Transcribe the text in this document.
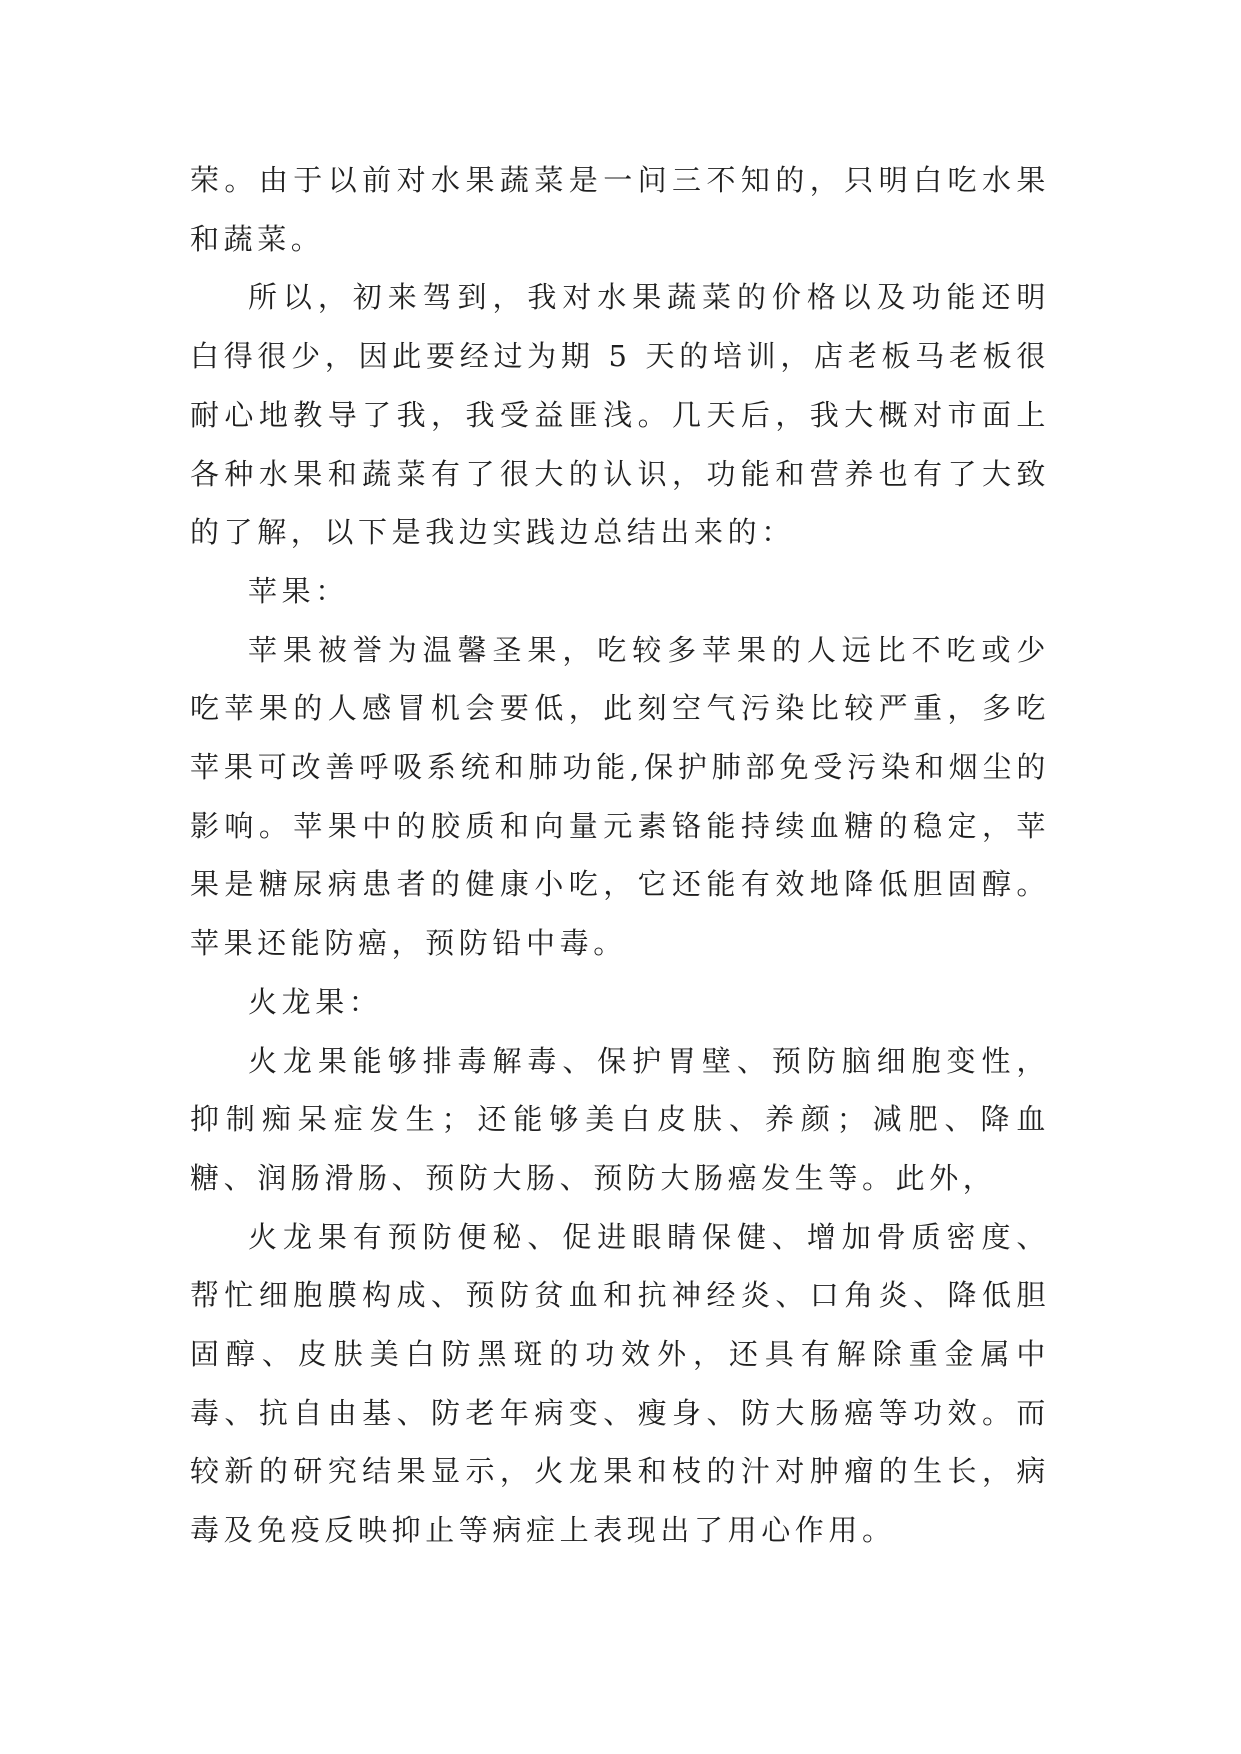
荣。由于以前对水果蔬菜是一问三不知的，只明白吃水果和蔬菜。

所以，初来驾到，我对水果蔬菜的价格以及功能还明白得很少，因此要经过为期 5 天的培训，店老板马老板很耐心地教导了我，我受益匪浅。几天后，我大概对市面上各种水果和蔬菜有了很大的认识，功能和营养也有了大致的了解，以下是我边实践边总结出来的：

苹果：

苹果被誉为温馨圣果，吃较多苹果的人远比不吃或少吃苹果的人感冒机会要低，此刻空气污染比较严重，多吃苹果可改善呼吸系统和肺功能,保护肺部免受污染和烟尘的影响。苹果中的胶质和向量元素铬能持续血糖的稳定，苹果是糖尿病患者的健康小吃，它还能有效地降低胆固醇。苹果还能防癌，预防铅中毒。

火龙果：

火龙果能够排毒解毒、保护胃壁、预防脑细胞变性，抑制痴呆症发生；还能够美白皮肤、养颜；减肥、降血糖、润肠滑肠、预防大肠、预防大肠癌发生等。此外，

火龙果有预防便秘、促进眼睛保健、增加骨质密度、帮忙细胞膜构成、预防贫血和抗神经炎、口角炎、降低胆固醇、皮肤美白防黑斑的功效外，还具有解除重金属中毒、抗自由基、防老年病变、瘦身、防大肠癌等功效。而较新的研究结果显示，火龙果和枝的汁对肿瘤的生长，病毒及免疫反映抑止等病症上表现出了用心作用。
